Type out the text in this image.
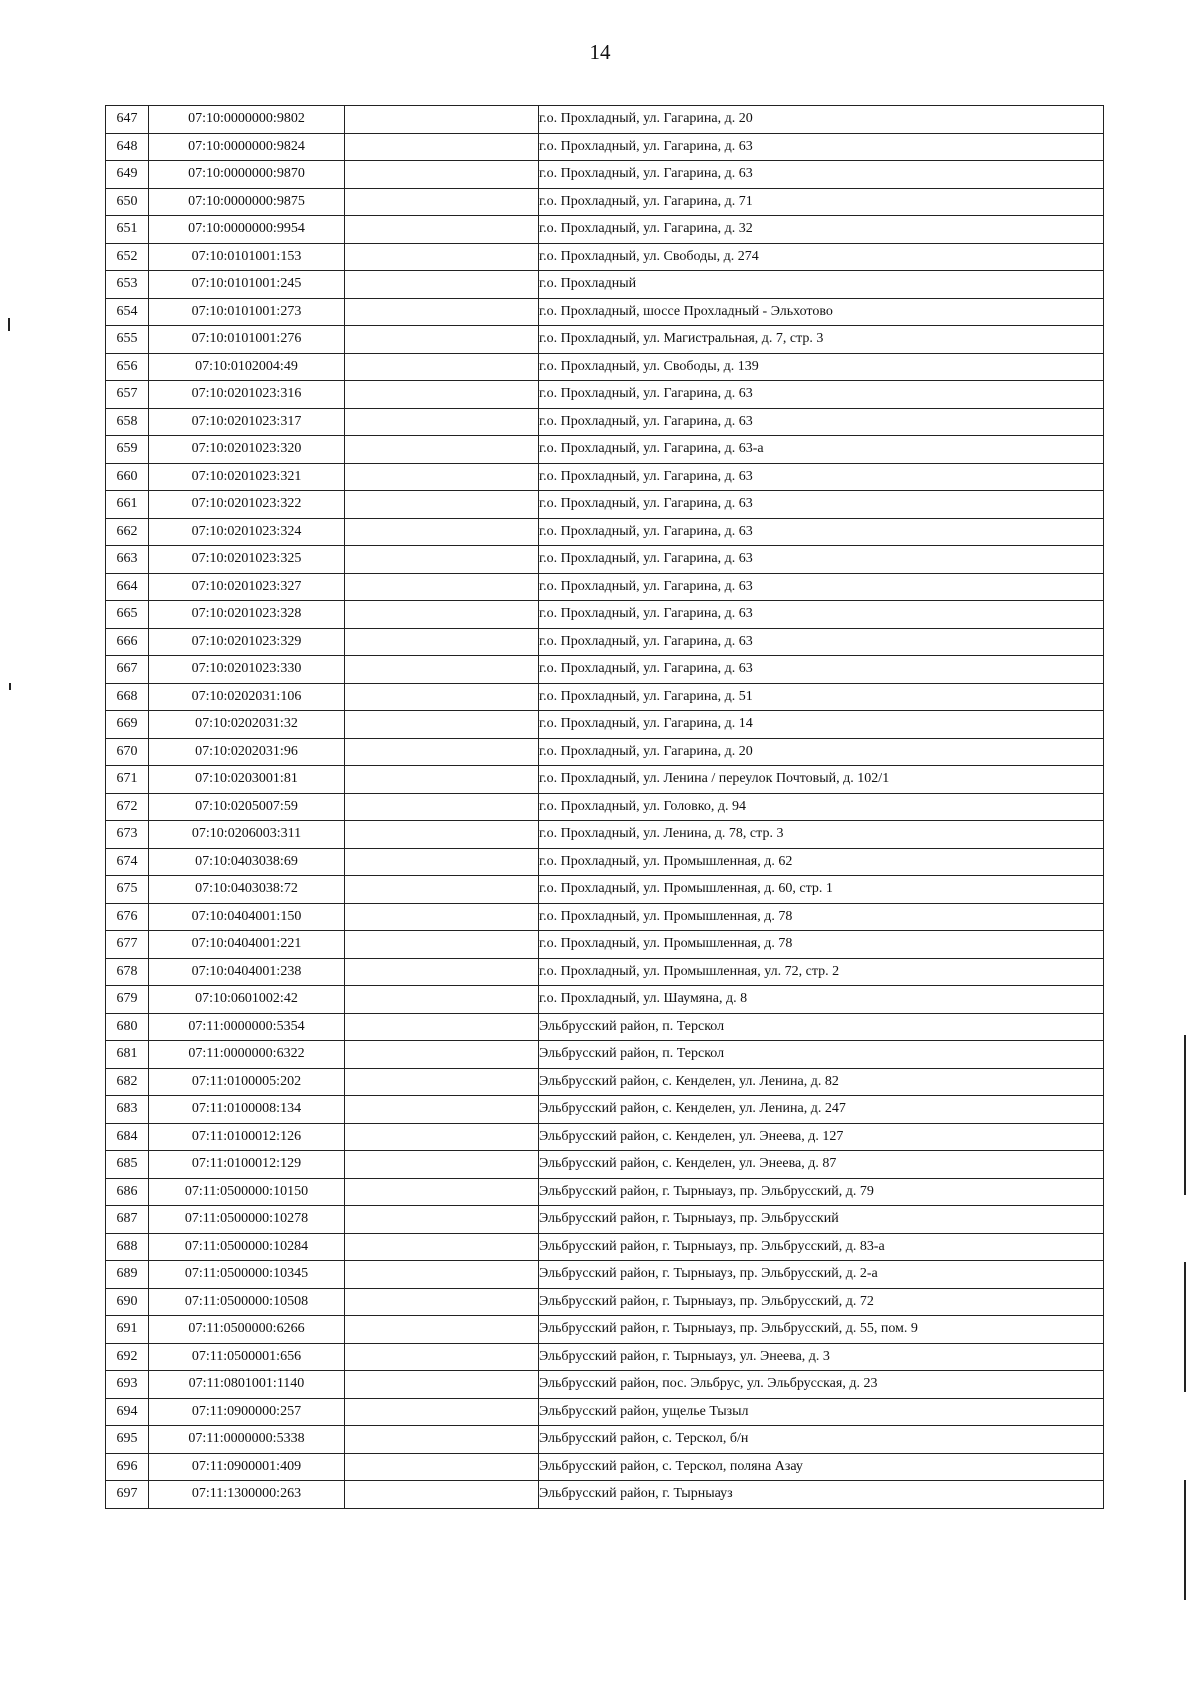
14
647	07:10:0000000:9802		г.о. Прохладный, ул. Гагарина, д. 20
648	07:10:0000000:9824		г.о. Прохладный, ул. Гагарина, д. 63
649	07:10:0000000:9870		г.о. Прохладный, ул. Гагарина, д. 63
650	07:10:0000000:9875		г.о. Прохладный, ул. Гагарина, д. 71
651	07:10:0000000:9954		г.о. Прохладный, ул. Гагарина, д. 32
652	07:10:0101001:153		г.о. Прохладный, ул. Свободы, д. 274
653	07:10:0101001:245		г.о. Прохладный
654	07:10:0101001:273		г.о. Прохладный, шоссе Прохладный - Эльхотово
655	07:10:0101001:276		г.о. Прохладный, ул. Магистральная, д. 7, стр. 3
656	07:10:0102004:49		г.о. Прохладный, ул. Свободы, д. 139
657	07:10:0201023:316		г.о. Прохладный, ул. Гагарина, д. 63
658	07:10:0201023:317		г.о. Прохладный, ул. Гагарина, д. 63
659	07:10:0201023:320		г.о. Прохладный, ул. Гагарина, д. 63-а
660	07:10:0201023:321		г.о. Прохладный, ул. Гагарина, д. 63
661	07:10:0201023:322		г.о. Прохладный, ул. Гагарина, д. 63
662	07:10:0201023:324		г.о. Прохладный, ул. Гагарина, д. 63
663	07:10:0201023:325		г.о. Прохладный, ул. Гагарина, д. 63
664	07:10:0201023:327		г.о. Прохладный, ул. Гагарина, д. 63
665	07:10:0201023:328		г.о. Прохладный, ул. Гагарина, д. 63
666	07:10:0201023:329		г.о. Прохладный, ул. Гагарина, д. 63
667	07:10:0201023:330		г.о. Прохладный, ул. Гагарина, д. 63
668	07:10:0202031:106		г.о. Прохладный, ул. Гагарина, д. 51
669	07:10:0202031:32		г.о. Прохладный, ул. Гагарина, д. 14
670	07:10:0202031:96		г.о. Прохладный, ул. Гагарина, д. 20
671	07:10:0203001:81		г.о. Прохладный, ул. Ленина / переулок Почтовый, д. 102/1
672	07:10:0205007:59		г.о. Прохладный, ул. Головко, д. 94
673	07:10:0206003:311		г.о. Прохладный, ул. Ленина, д. 78, стр. 3
674	07:10:0403038:69		г.о. Прохладный, ул. Промышленная, д. 62
675	07:10:0403038:72		г.о. Прохладный, ул. Промышленная, д. 60, стр. 1
676	07:10:0404001:150		г.о. Прохладный, ул. Промышленная, д. 78
677	07:10:0404001:221		г.о. Прохладный, ул. Промышленная, д. 78
678	07:10:0404001:238		г.о. Прохладный, ул. Промышленная, ул. 72, стр. 2
679	07:10:0601002:42		г.о. Прохладный, ул. Шаумяна, д. 8
680	07:11:0000000:5354		Эльбрусский район, п. Терскол
681	07:11:0000000:6322		Эльбрусский район, п. Терскол
682	07:11:0100005:202		Эльбрусский район, с. Кенделен, ул. Ленина, д. 82
683	07:11:0100008:134		Эльбрусский район, с. Кенделен, ул. Ленина, д. 247
684	07:11:0100012:126		Эльбрусский район, с. Кенделен, ул. Энеева, д. 127
685	07:11:0100012:129		Эльбрусский район, с. Кенделен, ул. Энеева, д. 87
686	07:11:0500000:10150		Эльбрусский район, г. Тырныауз, пр. Эльбрусский, д. 79
687	07:11:0500000:10278		Эльбрусский район, г. Тырныауз, пр. Эльбрусский
688	07:11:0500000:10284		Эльбрусский район, г. Тырныауз, пр. Эльбрусский, д. 83-а
689	07:11:0500000:10345		Эльбрусский район, г. Тырныауз, пр. Эльбрусский, д. 2-а
690	07:11:0500000:10508		Эльбрусский район, г. Тырныауз, пр. Эльбрусский, д. 72
691	07:11:0500000:6266		Эльбрусский район, г. Тырныауз, пр. Эльбрусский, д. 55, пом. 9
692	07:11:0500001:656		Эльбрусский район, г. Тырныауз, ул. Энеева, д. 3
693	07:11:0801001:1140		Эльбрусский район, пос. Эльбрус, ул. Эльбрусская, д. 23
694	07:11:0900000:257		Эльбрусский район, ущелье Тызыл
695	07:11:0000000:5338		Эльбрусский район, с. Терскол, б/н
696	07:11:0900001:409		Эльбрусский район, с. Терскол, поляна Азау
697	07:11:1300000:263		Эльбрусский район, г. Тырныауз
